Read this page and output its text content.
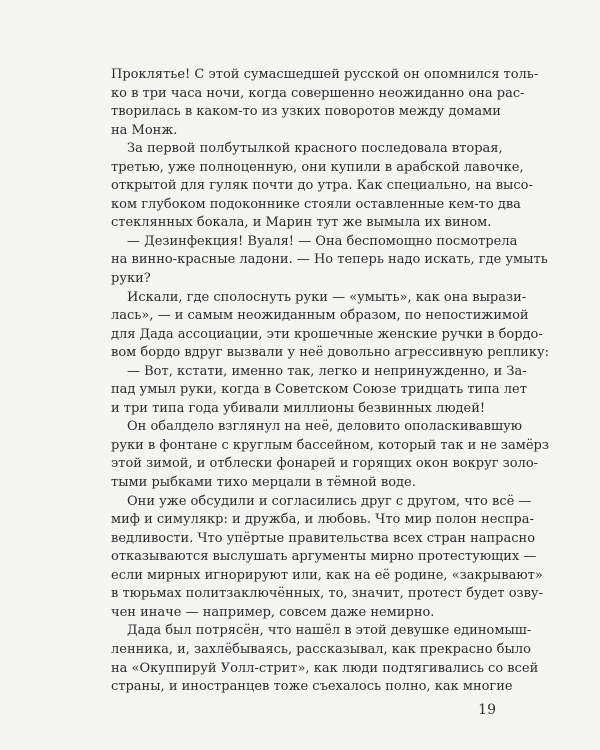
Проклятье! С этой сумасшедшей русской он опомнился толь-
ко в три часа ночи, когда совершенно неожиданно она рас-
творилась в каком-то из узких поворотов между домами
на Монж.
За первой полбутылкой красного последовала вторая,
третью, уже полноценную, они купили в арабской лавочке,
открытой для гуляк почти до утра. Как специально, на высо-
ком глубоком подоконнике стояли оставленные кем-то два
стеклянных бокала, и Марин тут же вымыла их вином.
— Дезинфекция! Вуаля! — Она беспомощно посмотрела
на винно-красные ладони. — Но теперь надо искать, где умыть
руки?
Искали, где сполоснуть руки — «умыть», как она вырази-
лась», — и самым неожиданным образом, по непостижимой
для Дада ассоциации, эти крошечные женские ручки в бордо-
вом бордо вдруг вызвали у неё довольно агрессивную реплику:
— Вот, кстати, именно так, легко и непринужденно, и За-
пад умыл руки, когда в Советском Союзе тридцать типа лет
и три типа года убивали миллионы безвинных людей!
Он обалдело взглянул на неё, деловито ополаскивавшую
руки в фонтане с круглым бассейном, который так и не замёрз
этой зимой, и отблески фонарей и горящих окон вокруг золо-
тыми рыбками тихо мерцали в тёмной воде.
Они уже обсудили и согласились друг с другом, что всё —
миф и симулякр: и дружба, и любовь. Что мир полон неспра-
ведливости. Что упёртые правительства всех стран напрасно
отказываются выслушать аргументы мирно протестующих —
если мирных игнорируют или, как на её родине, «закрывают»
в тюрьмах политзаключённых, то, значит, протест будет озву-
чен иначе — например, совсем даже немирно.
Дада был потрясён, что нашёл в этой девушке единомыш-
ленника, и, захлёбываясь, рассказывал, как прекрасно было
на «Окуппируй Уолл-стрит», как люди подтягивались со всей
страны, и иностранцев тоже съехалось полно, как многие
19
